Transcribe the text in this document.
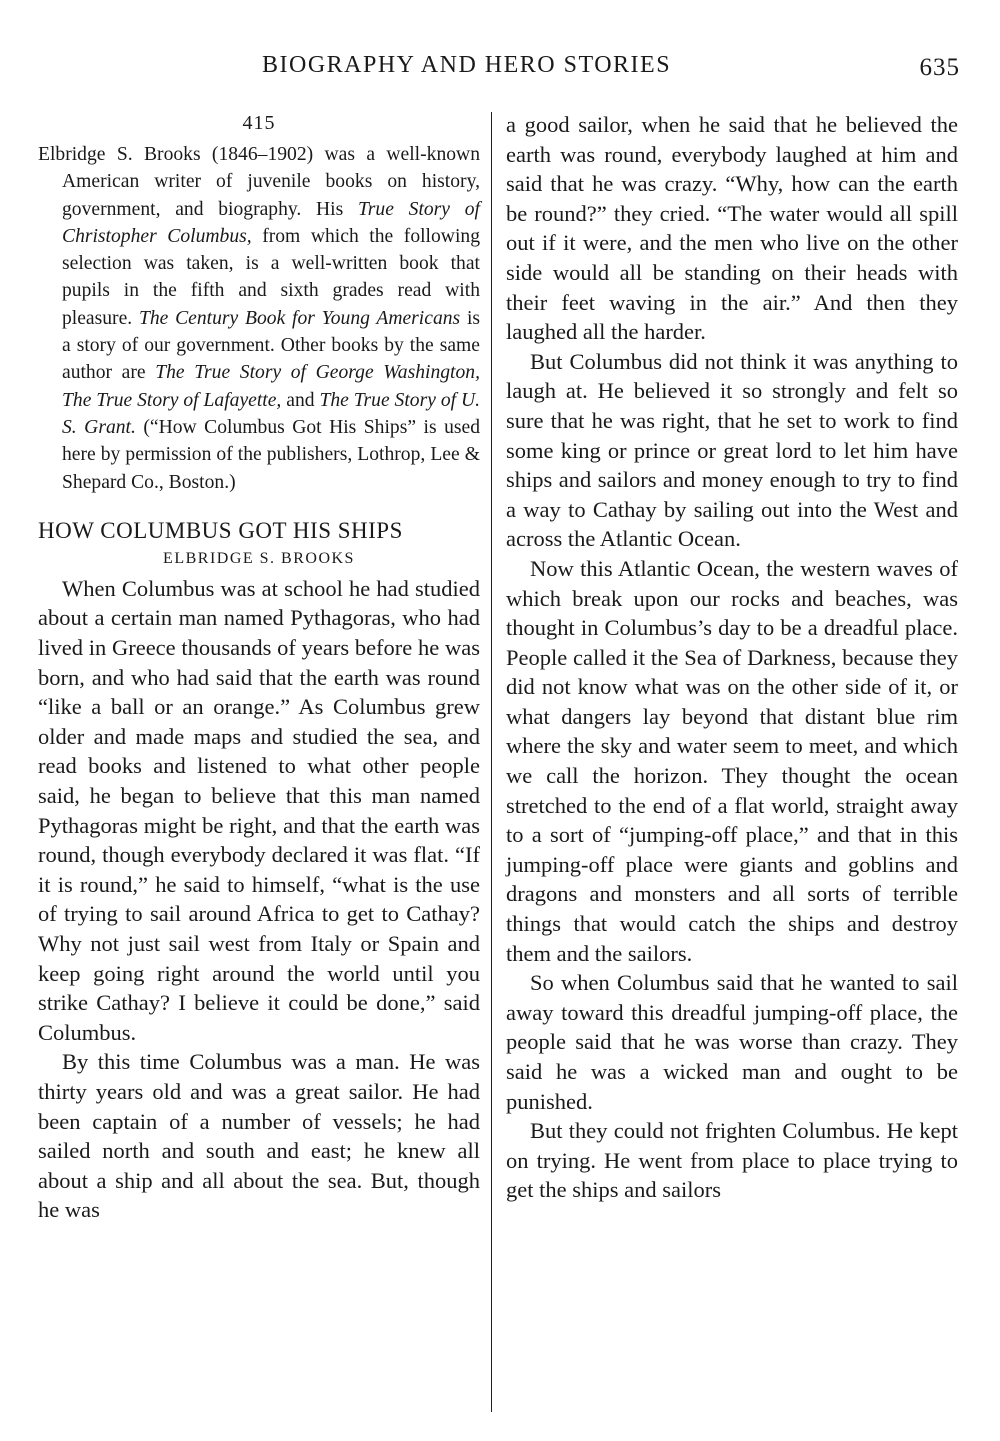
BIOGRAPHY AND HERO STORIES	635
415

Elbridge S. Brooks (1846–1902) was a well-known American writer of juvenile books on history, government, and biography. His True Story of Christopher Columbus, from which the following selection was taken, is a well-written book that pupils in the fifth and sixth grades read with pleasure. The Century Book for Young Americans is a story of our government. Other books by the same author are The True Story of George Washington, The True Story of Lafayette, and The True Story of U. S. Grant. (“How Columbus Got His Ships” is used here by permission of the publishers, Lothrop, Lee & Shepard Co., Boston.)

HOW COLUMBUS GOT HIS SHIPS
ELBRIDGE S. BROOKS

When Columbus was at school he had studied about a certain man named Pythagoras, who had lived in Greece thousands of years before he was born, and who had said that the earth was round “like a ball or an orange.” As Columbus grew older and made maps and studied the sea, and read books and listened to what other people said, he began to believe that this man named Pythagoras might be right, and that the earth was round, though everybody declared it was flat. “If it is round,” he said to himself, “what is the use of trying to sail around Africa to get to Cathay? Why not just sail west from Italy or Spain and keep going right around the world until you strike Cathay? I believe it could be done,” said Columbus.

By this time Columbus was a man. He was thirty years old and was a great sailor. He had been captain of a number of vessels; he had sailed north and south and east; he knew all about a ship and all about the sea. But, though he was

a good sailor, when he said that he believed the earth was round, everybody laughed at him and said that he was crazy. “Why, how can the earth be round?” they cried. “The water would all spill out if it were, and the men who live on the other side would all be standing on their heads with their feet waving in the air.” And then they laughed all the harder.

But Columbus did not think it was anything to laugh at. He believed it so strongly and felt so sure that he was right, that he set to work to find some king or prince or great lord to let him have ships and sailors and money enough to try to find a way to Cathay by sailing out into the West and across the Atlantic Ocean.

Now this Atlantic Ocean, the western waves of which break upon our rocks and beaches, was thought in Columbus’s day to be a dreadful place. People called it the Sea of Darkness, because they did not know what was on the other side of it, or what dangers lay beyond that distant blue rim where the sky and water seem to meet, and which we call the horizon. They thought the ocean stretched to the end of a flat world, straight away to a sort of “jumping-off place,” and that in this jumping-off place were giants and goblins and dragons and monsters and all sorts of terrible things that would catch the ships and destroy them and the sailors.

So when Columbus said that he wanted to sail away toward this dreadful jumping-off place, the people said that he was worse than crazy. They said he was a wicked man and ought to be punished.

But they could not frighten Columbus. He kept on trying. He went from place to place trying to get the ships and sailors
